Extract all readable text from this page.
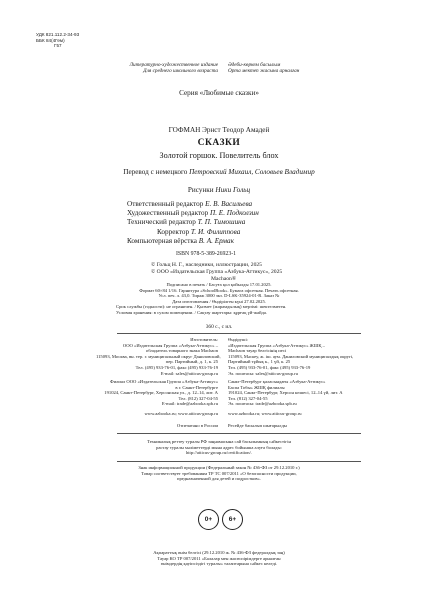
УДК 821.112.2-34-93
ББК 84(4Гем)
Г57
Литературно-художественное издание
Для среднего школьного возраста
Әдеби-көркем басылым
Орта мектеп жасына арналған
Серия «Любимые сказки»
ГОФМАН Эрнст Теодор Амадей
СКАЗКИ
Золотой горшок. Повелитель блох
Перевод с немецкого Петровский Михаил, Соловьев Владимир
Рисунки Ники Гольц
Ответственный редактор Е. В. Васильева
Художественный редактор П. Е. Подколзин
Технический редактор Т. П. Тимошина
Корректор Т. И. Филиппова
Компьютерная вёрстка В. А. Ермак
ISBN 978-5-389-26923-1
© Гольц Н. Г., наследники, иллюстрации, 2025
© ООО «Издательская Группа «Азбука-Аттикус», 2025
Machaon®
Подписано в печать / Басуға қол қойылды 17.01.2025.
Формат 60×84 1/16. Гарнитура «SchoolBook». Бумага офсетная. Печать офсетная.
Усл. печ. л. 43,0. Тираж 3000 экз. D-LSK-35924-01-R. Заказ №
Дата изготовления / Өндірілген күні 27.02.2025.
Срок службы (годности): не ограничен. / Қызмет (жарамдылық) мерзімі: шектелмеген.
Условия хранения: в сухом помещении. / Сақтау шарттары: құрғақ үй-жайда.
360 с., с ил.
Изготовитель:
ООО «Издательская Группа «Азбука-Аттикус» –
обладатель товарного знака Machaon
115093, Москва, вн. тер. г. муниципальный округ Даниловский,
пер. Партийный, д. 1, к. 25
Тел. (495) 933-76-01, факс (495) 933-76-19
E-mail: sales@atticus-group.ru
Өндіруші:
«Издательская Группа «Азбука-Аттикус» ЖШҚ –
Machaon тауар белгісінің иесі
115093, Мәскеу, ж. іш. аум. Даниловский муниципалдық округі,
Партийный тұйық к., 1 үй, к. 25
Тел. (495) 933-76-01, факс (495) 933-76-19
Эл. поштасы: sales@atticus-group.ru
Филиал ООО «Издательская Группа «Азбука-Аттикус»
в г. Санкт-Петербурге
191024, Санкт-Петербург, Херсонская ул., д. 12–14, лит. А
Тел. (812) 327-04-55
E-mail: trade@azbooka.spb.ru
Санкт-Петербург қаласындағы «Азбука-Аттикус»
Баспа Тобы» ЖШҚ филиалы
191024, Санкт-Петербург, Херсон көшесі, 12–14 үй, лит. А
Тел. (812) 327-04-55
Эл. поштасы: trade@azbooka.spb.ru
www.azbooka.ru; www.atticus-group.ru www.azbooka.ru; www.atticus-group.ru
Отпечатано в России Ресейде басылып шығарылды
Техникалық реттеу туралы РФ заңнамасына сай басылымның сәйкестігін
растау туралы мәліметтерді мына адрес бойынша алуға болады:
http://atticus-group.ru/certification/.
Знак информационной продукции (Федеральный закон № 436-ФЗ от 29.12.2010 г.)
Товар соответствует требованиям ТР ТС 007/2011 «О безопасности продукции,
предназначенной для детей и подростков».
0+	6+
Ақпараттық өнім белгісі (29.12.2010 ж. № 436-ФЗ федералдық заң)
Тауар КО ТР 007/2011 «Балалар мен жасөспірімдерге арналған
өнімдердің қауіпсіздігі туралы» талаптарына сәйкес келеді.
